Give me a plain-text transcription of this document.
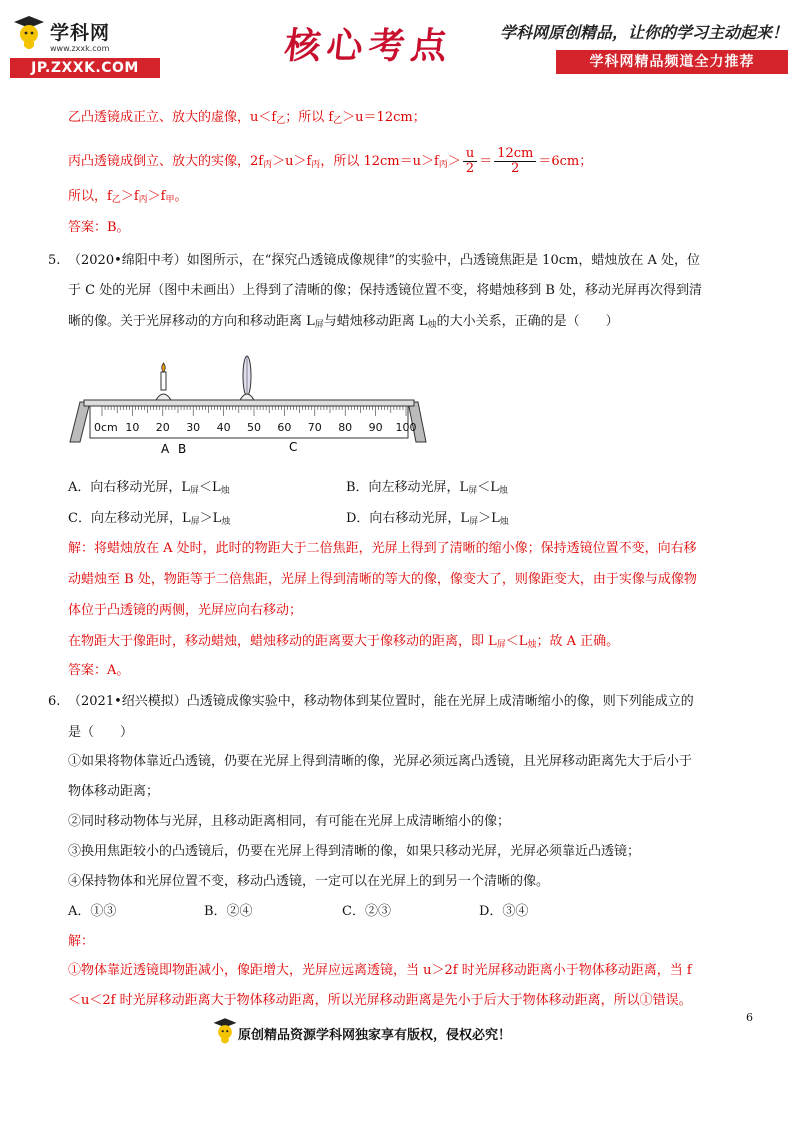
学科网
www.zxxk.com
JP.ZXXK.COM
核心考点	学科网原创精品，让你的学习主动起来！
学科网精品频道全力推荐
乙凸透镜成正立、放大的虚像，$u<f_乙$；所以 $f_乙>u=12cm$；
丙凸透镜成倒立、放大的实像，$2f_丙>u>f_丙$，所以 $12cm=u>f_丙> \frac{u}{2} = \frac{12cm}{2} =6cm$；
所以，$f_乙>f_丙>f_甲$。
答案：B。
5. （2020•绵阳中考）如图所示，在“探究凸透镜成像规律”的实验中，凸透镜焦距是 10cm，蜡烛放在 A 处，位
于 C 处的光屏（图中未画出）上得到了清晰的像；保持透镜位置不变，将蜡烛移到 B 处，移动光屏再次得到清
晰的像。关于光屏移动的方向和移动距离 $L_屏$与蜡烛移动距离 $L_烛$的大小关系，正确的是（　　）
0cm 10 20 30 40 50 60 70 80 90 100
A B	C
A．向右移动光屏，$L_屏<L_烛$	B．向左移动光屏，$L_屏<L_烛$
C．向左移动光屏，$L_屏>L_烛$	D．向右移动光屏，$L_屏>L_烛$
解：将蜡烛放在 A 处时，此时的物距大于二倍焦距，光屏上得到了清晰的缩小像；保持透镜位置不变，向右移
动蜡烛至 B 处，物距等于二倍焦距，光屏上得到清晰的等大的像，像变大了，则像距变大，由于实像与成像物
体位于凸透镜的两侧，光屏应向右移动；
在物距大于像距时，移动蜡烛，蜡烛移动的距离要大于像移动的距离，即 $L_屏<L_烛$；故 A 正确。
答案：A。
6. （2021•绍兴模拟）凸透镜成像实验中，移动物体到某位置时，能在光屏上成清晰缩小的像，则下列能成立的
是（　　）
①如果将物体靠近凸透镜，仍要在光屏上得到清晰的像，光屏必须远离凸透镜，且光屏移动距离先大于后小于
物体移动距离；
②同时移动物体与光屏，且移动距离相同，有可能在光屏上成清晰缩小的像；
③换用焦距较小的凸透镜后，仍要在光屏上得到清晰的像，如果只移动光屏，光屏必须靠近凸透镜；
④保持物体和光屏位置不变，移动凸透镜，一定可以在光屏上的到另一个清晰的像。
A．①③	B．②④	C．②③	D．③④
解：
①物体靠近透镜即物距减小，像距增大，光屏应远离透镜，当 u＞2f 时光屏移动距离小于物体移动距离，当 f
＜u＜2f 时光屏移动距离大于物体移动距离，所以光屏移动距离是先小于后大于物体移动距离，所以①错误。
原创精品资源学科网独家享有版权，侵权必究！
6
